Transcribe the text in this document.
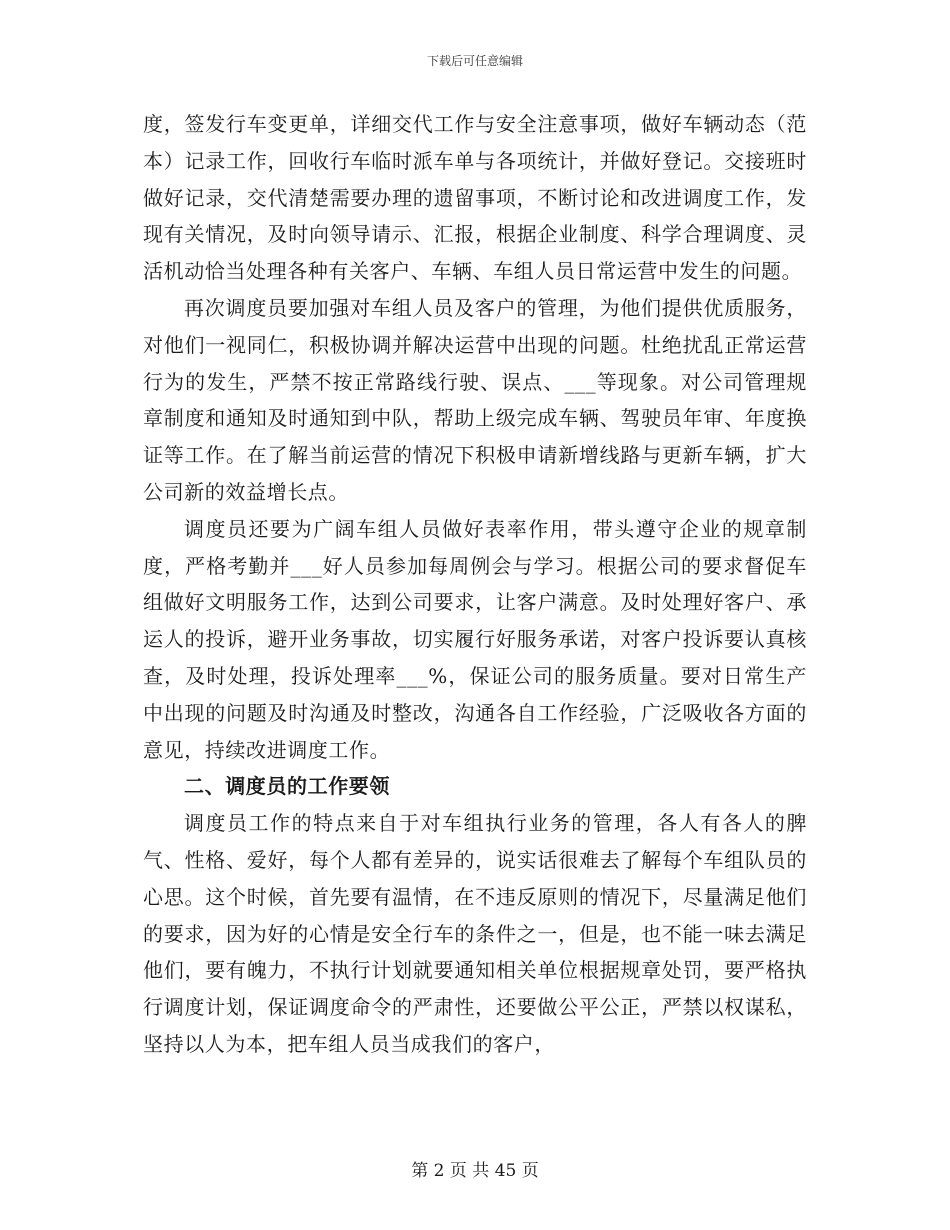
下载后可任意编辑

度，签发行车变更单，详细交代工作与安全注意事项，做好车辆动态（范本）记录工作，回收行车临时派车单与各项统计，并做好登记。交接班时做好记录，交代清楚需要办理的遗留事项，不断讨论和改进调度工作，发现有关情况，及时向领导请示、汇报，根据企业制度、科学合理调度、灵活机动恰当处理各种有关客户、车辆、车组人员日常运营中发生的问题。

再次调度员要加强对车组人员及客户的管理，为他们提供优质服务，对他们一视同仁，积极协调并解决运营中出现的问题。杜绝扰乱正常运营行为的发生，严禁不按正常路线行驶、误点、___等现象。对公司管理规章制度和通知及时通知到中队，帮助上级完成车辆、驾驶员年审、年度换证等工作。在了解当前运营的情况下积极申请新增线路与更新车辆，扩大公司新的效益增长点。

调度员还要为广阔车组人员做好表率作用，带头遵守企业的规章制度，严格考勤并___好人员参加每周例会与学习。根据公司的要求督促车组做好文明服务工作，达到公司要求，让客户满意。及时处理好客户、承运人的投诉，避开业务事故，切实履行好服务承诺，对客户投诉要认真核查，及时处理，投诉处理率___%，保证公司的服务质量。要对日常生产中出现的问题及时沟通及时整改，沟通各自工作经验，广泛吸收各方面的意见，持续改进调度工作。

二、调度员的工作要领

调度员工作的特点来自于对车组执行业务的管理，各人有各人的脾气、性格、爱好，每个人都有差异的，说实话很难去了解每个车组队员的心思。这个时候，首先要有温情，在不违反原则的情况下，尽量满足他们的要求，因为好的心情是安全行车的条件之一，但是，也不能一味去满足他们，要有魄力，不执行计划就要通知相关单位根据规章处罚，要严格执行调度计划，保证调度命令的严肃性，还要做公平公正，严禁以权谋私，坚持以人为本，把车组人员当成我们的客户，

第 2 页 共 45 页
